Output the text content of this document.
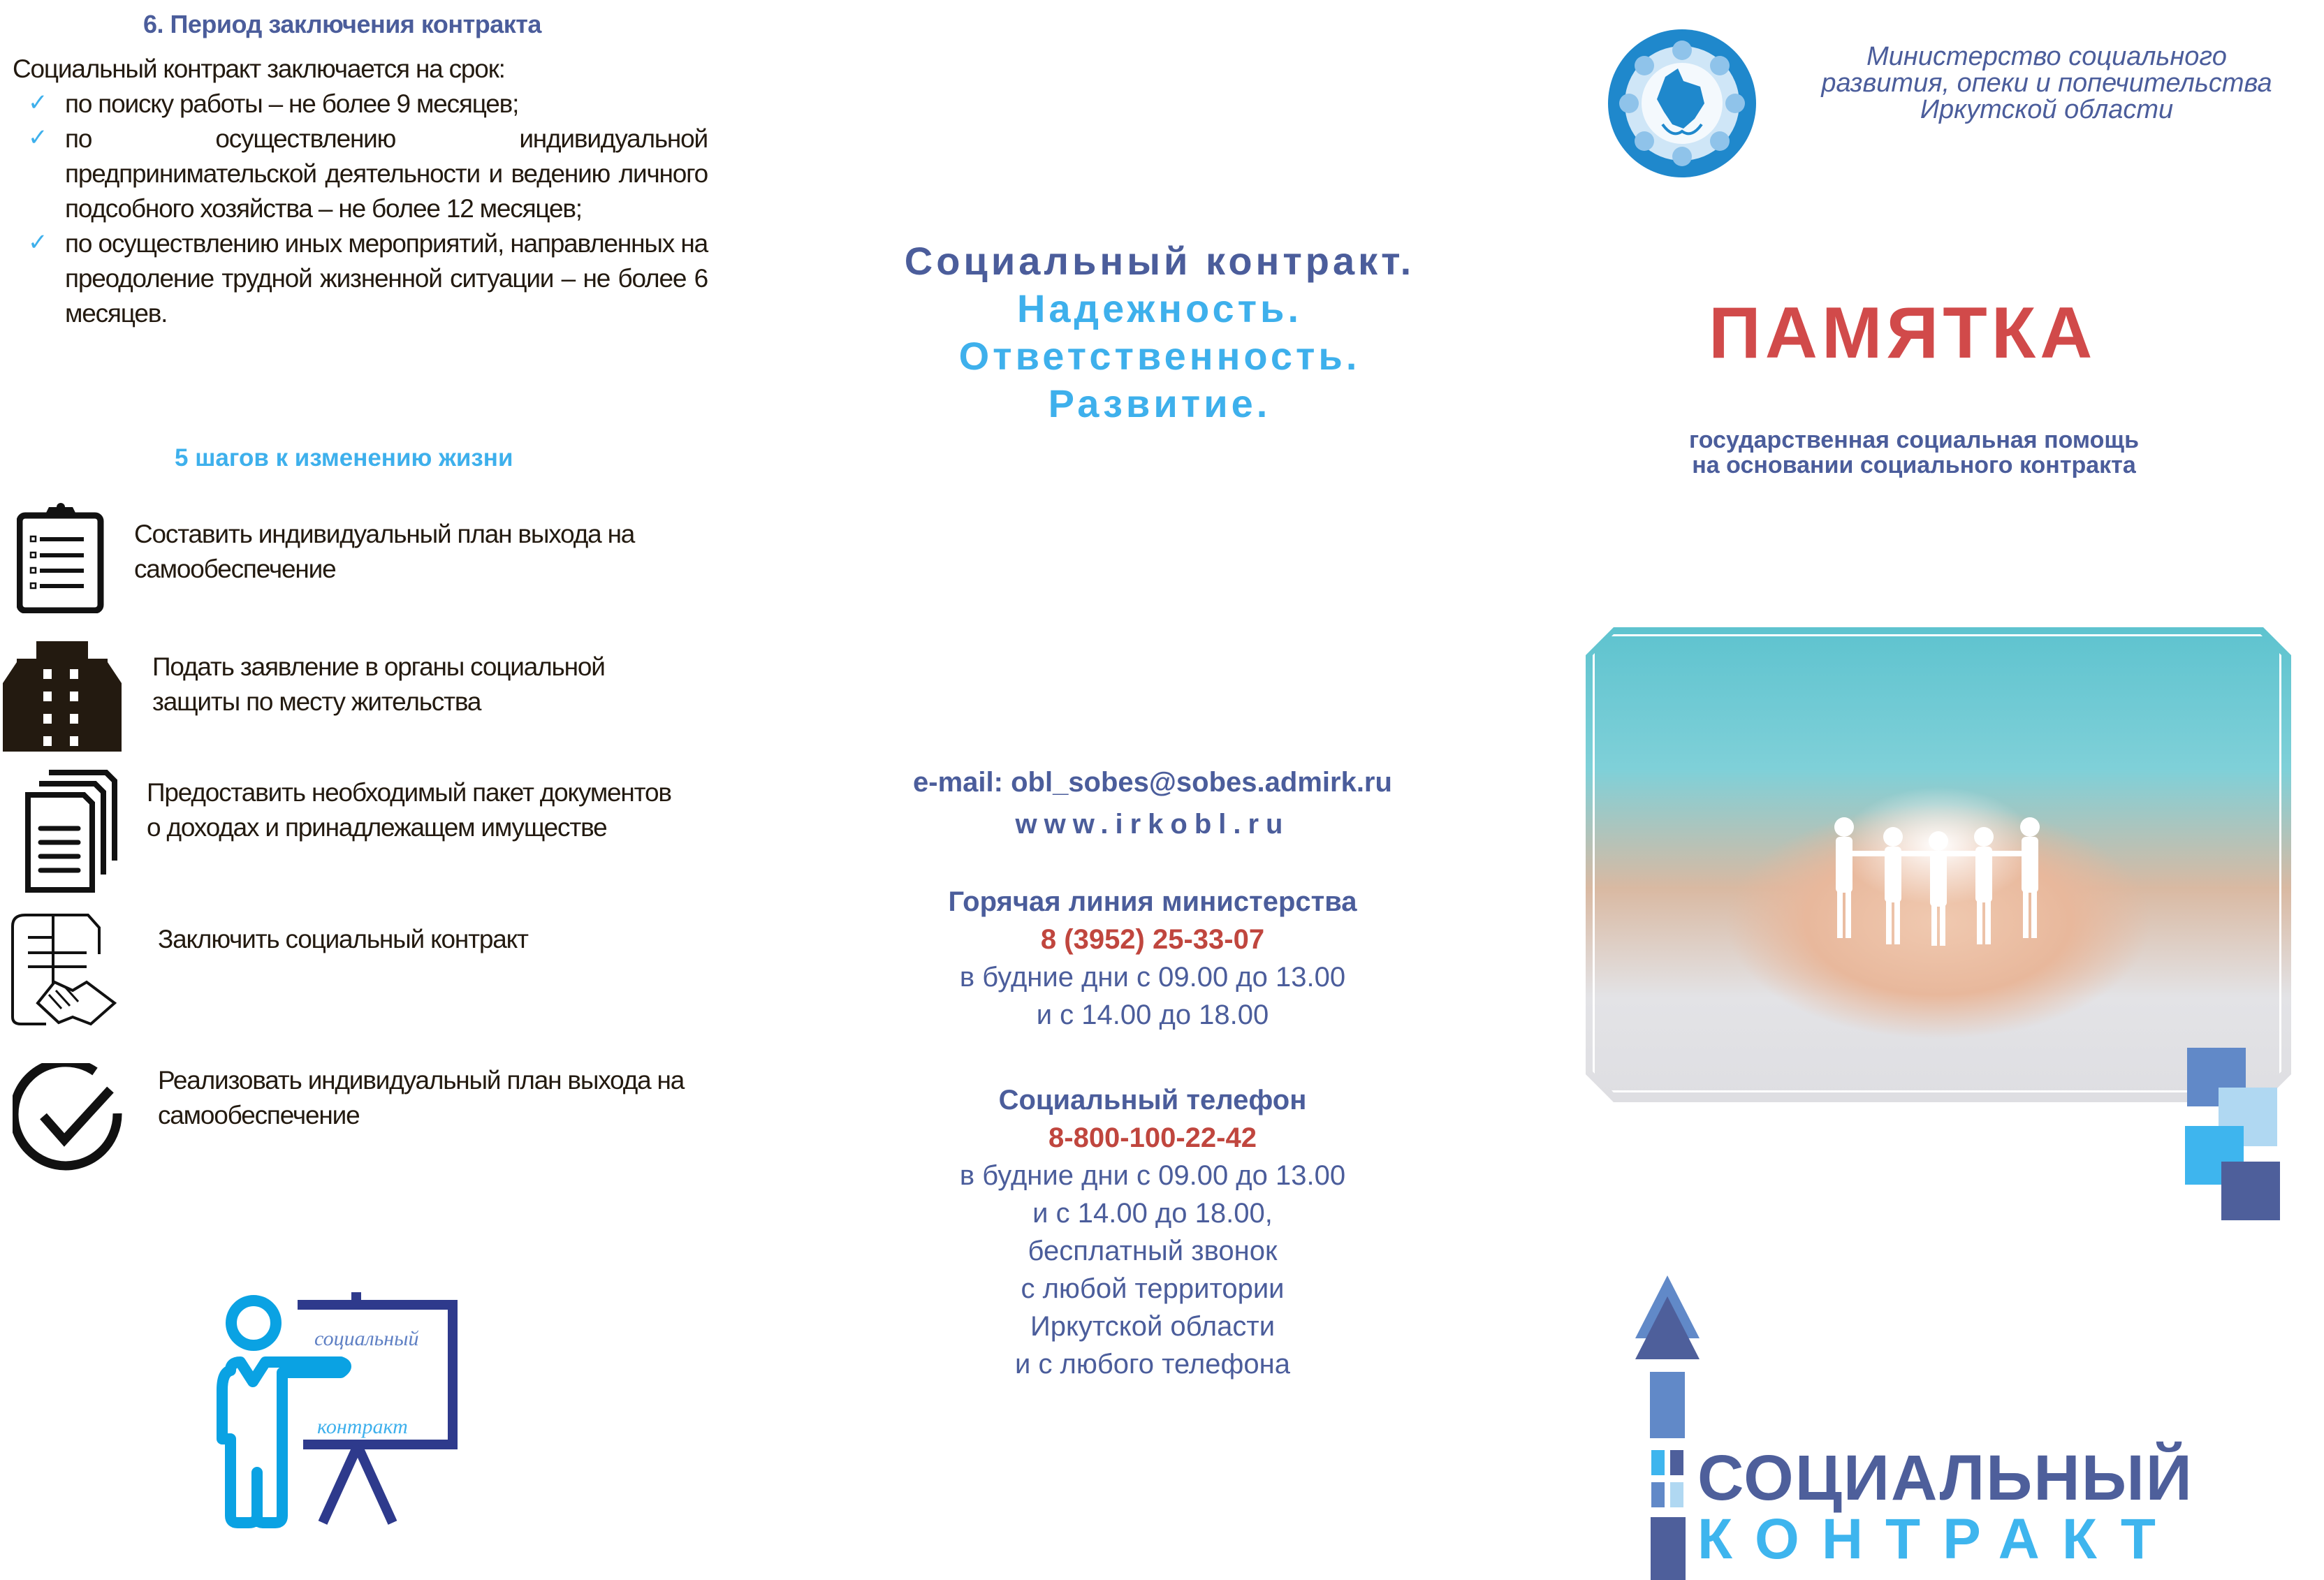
6. Период заключения контракта
Социальный контракт заключается на срок:
✓ по поиску работы – не более 9 месяцев;
✓ по осуществлению индивидуальной предпринимательской деятельности и ведению личного подсобного хозяйства – не более 12 месяцев;
✓ по осуществлению иных мероприятий, направленных на преодоление трудной жизненной ситуации – не более 6 месяцев.
5 шагов к изменению жизни
Составить индивидуальный план выхода на самообеспечение
Подать заявление в органы социальной защиты по месту жительства
Предоставить необходимый пакет документов о доходах и принадлежащем имуществе
Заключить социальный контракт
Реализовать индивидуальный план выхода на самообеспечение
социальный
контракт
Социальный контракт.
Надежность.
Ответственность.
Развитие.
e-mail: obl_sobes@sobes.admirk.ru
www.irkobl.ru
Горячая линия министерства
8 (3952) 25-33-07
в будние дни с 09.00 до 13.00
и с 14.00 до 18.00
Социальный телефон
8-800-100-22-42
в будние дни с 09.00 до 13.00
и с 14.00 до 18.00,
бесплатный звонок
с любой территории
Иркутской области
и с любого телефона
Министерство социального
развития, опеки и попечительства
Иркутской области
ПАМЯТКА
государственная социальная помощь
на основании социального контракта
СОЦИАЛЬНЫЙ
КОНТРАКТ
